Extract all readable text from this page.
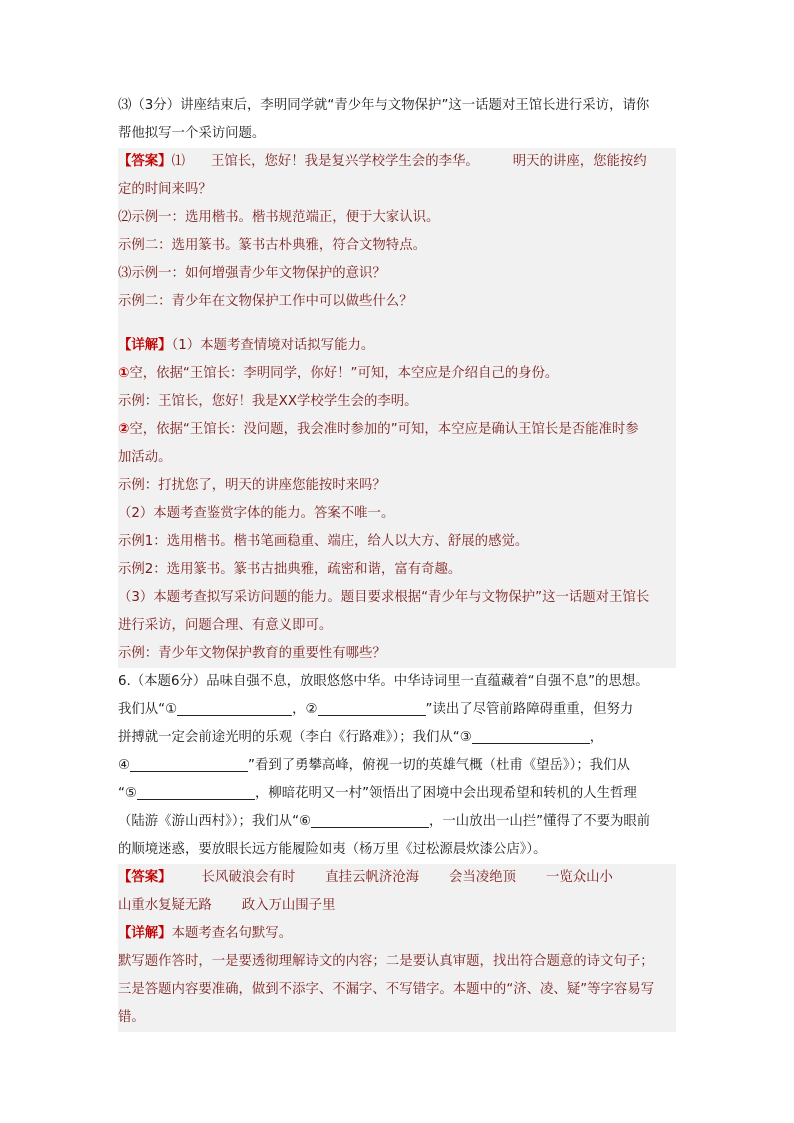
⑶（3分）讲座结束后，李明同学就“青少年与文物保护”这一话题对王馆长进行采访，请你
帮他拟写一个采访问题。
【答案】⑴ 王馆长，您好！我是复兴学校学生会的李华。	明天的讲座，您能按约
定的时间来吗？
⑵示例一：选用楷书。楷书规范端正，便于大家认识。
示例二：选用篆书。篆书古朴典雅，符合文物特点。
⑶示例一：如何增强青少年文物保护的意识？
示例二：青少年在文物保护工作中可以做些什么？
【详解】（1）本题考查情境对话拟写能力。
①空，依据“王馆长：李明同学，你好！”可知，本空应是介绍自己的身份。
示例：王馆长，您好！我是XX学校学生会的李明。
②空，依据“王馆长：没问题，我会准时参加的”可知，本空应是确认王馆长是否能准时参
加活动。
示例：打扰您了，明天的讲座您能按时来吗？
（2）本题考查鉴赏字体的能力。答案不唯一。
示例1：选用楷书。楷书笔画稳重、端庄，给人以大方、舒展的感觉。
示例2：选用篆书。篆书古拙典雅，疏密和谐，富有奇趣。
（3）本题考查拟写采访问题的能力。题目要求根据“青少年与文物保护”这一话题对王馆长
进行采访，问题合理、有意义即可。
示例：青少年文物保护教育的重要性有哪些？
6.（本题6分）品味自强不息，放眼悠悠中华。中华诗词里一直蕴藏着“自强不息”的思想。
我们从“①	，②	”读出了尽管前路障碍重重，但努力
拼搏就一定会前途光明的乐观（李白《行路难》）；我们从“③	，
④	”看到了勇攀高峰，俯视一切的英雄气概（杜甫《望岳》）；我们从
“⑤	，柳暗花明又一村”领悟出了困境中会出现希望和转机的人生哲理
（陆游《游山西村》）；我们从“⑥	，一山放出一山拦”懂得了不要为眼前
的顺境迷惑，要放眼长远方能履险如夷（杨万里《过松源晨炊漆公店》）。
【答案】 长风破浪会有时 直挂云帆济沧海 会当凌绝顶 一览众山小
山重水复疑无路 政入万山围子里
【详解】本题考查名句默写。
默写题作答时，一是要透彻理解诗文的内容；二是要认真审题，找出符合题意的诗文句子；
三是答题内容要准确，做到不添字、不漏字、不写错字。本题中的“济、凌、疑”等字容易写
错。
